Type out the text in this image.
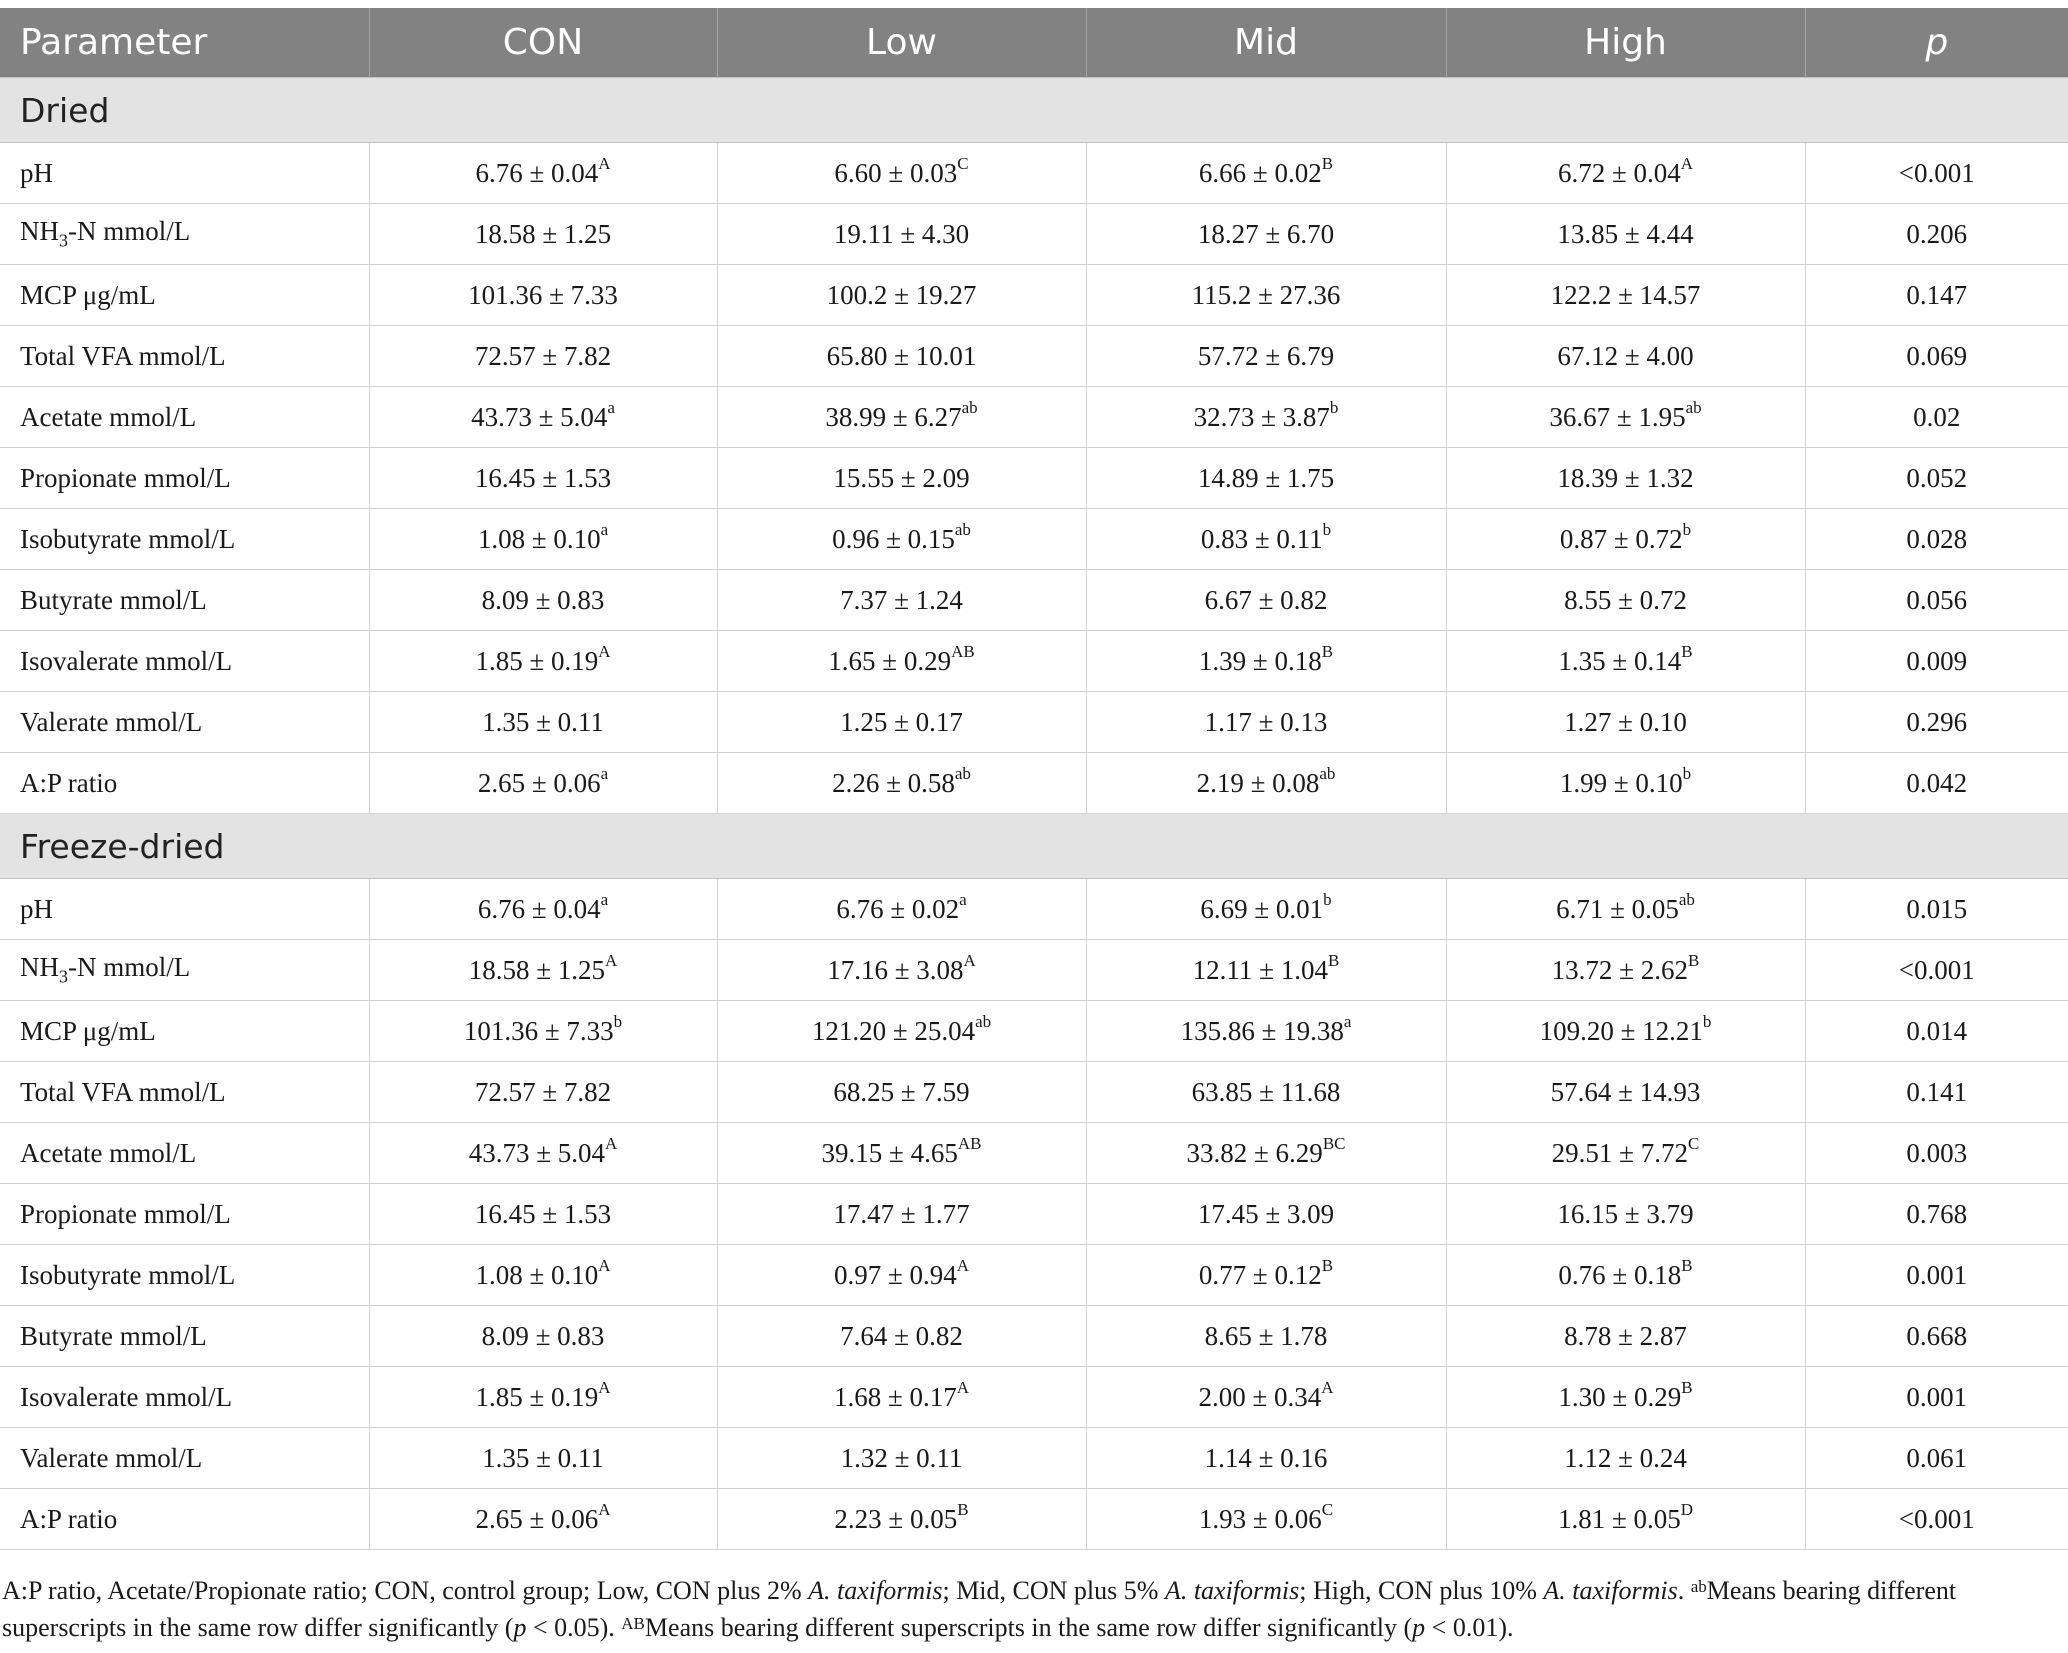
Parameter	CON	Low	Mid	High	p
Dried					
pH	$6.76 \pm 0.04^A$	$6.60 \pm 0.03^C$	$6.66 \pm 0.02^B$	$6.72 \pm 0.04^A$	<0.001
$NH_3-N$ mmol/L	18.58 ± 1.25	19.11 ± 4.30	18.27 ± 6.70	13.85 ± 4.44	0.206
MCP μg/mL	101.36 ± 7.33	100.2 ± 19.27	115.2 ± 27.36	122.2 ± 14.57	0.147
Total VFA mmol/L	72.57 ± 7.82	65.80 ± 10.01	57.72 ± 6.79	67.12 ± 4.00	0.069
Acetate mmol/L	43.73 ± 5.04$^a$	38.99 ± 6.27$^{ab}$	32.73 ± 3.87$^b$	36.67 ± 1.95$^{ab}$	0.02
Propionate mmol/L	16.45 ± 1.53	15.55 ± 2.09	14.89 ± 1.75	18.39 ± 1.32	0.052
Isobutyrate mmol/L	1.08 ± 0.10$^a$	0.96 ± 0.15$^{ab}$	0.83 ± 0.11$^b$	0.87 ± 0.72$^b$	0.028
Butyrate mmol/L	8.09 ± 0.83	7.37 ± 1.24	6.67 ± 0.82	8.55 ± 0.72	0.056
Isovalerate mmol/L	$1.85 \pm 0.19^A$	$1.65 \pm 0.29^{AB}$	$1.39 \pm 0.18^B$	$1.35 \pm 0.14^B$	0.009
Valerate mmol/L	1.35 ± 0.11	1.25 ± 0.17	1.17 ± 0.13	1.27 ± 0.10	0.296
A:P ratio	2.65 ± 0.06$^a$	2.26 ± 0.58$^{ab}$	2.19 ± 0.08$^{ab}$	1.99 ± 0.10$^b$	0.042
Freeze-dried					
pH	6.76 ± 0.04$^a$	6.76 ± 0.02$^a$	6.69 ± 0.01$^b$	6.71 ± 0.05$^{ab}$	0.015
$NH_3-N$ mmol/L	$18.58 \pm 1.25^A$	$17.16 \pm 3.08^A$	$12.11 \pm 1.04^B$	$13.72 \pm 2.62^B$	<0.001
MCP μg/mL	101.36 ± 7.33$^b$	121.20 ± 25.04$^{ab}$	135.86 ± 19.38$^a$	109.20 ± 12.21$^b$	0.014
Total VFA mmol/L	72.57 ± 7.82	68.25 ± 7.59	63.85 ± 11.68	57.64 ± 14.93	0.141
Acetate mmol/L	$43.73 \pm 5.04^A$	$39.15 \pm 4.65^{AB}$	$33.82 \pm 6.29^{BC}$	$29.51 \pm 7.72^C$	0.003
Propionate mmol/L	16.45 ± 1.53	17.47 ± 1.77	17.45 ± 3.09	16.15 ± 3.79	0.768
Isobutyrate mmol/L	$1.08 \pm 0.10^A$	$0.97 \pm 0.94^A$	$0.77 \pm 0.12^B$	$0.76 \pm 0.18^B$	0.001
Butyrate mmol/L	8.09 ± 0.83	7.64 ± 0.82	8.65 ± 1.78	8.78 ± 2.87	0.668
Isovalerate mmol/L	$1.85 \pm 0.19^A$	$1.68 \pm 0.17^A$	$2.00 \pm 0.34^A$	$1.30 \pm 0.29^B$	0.001
Valerate mmol/L	1.35 ± 0.11	1.32 ± 0.11	1.14 ± 0.16	1.12 ± 0.24	0.061
A:P ratio	$2.65 \pm 0.06^A$	$2.23 \pm 0.05^B$	$1.93 \pm 0.06^C$	$1.81 \pm 0.05^D$	<0.001
A:P ratio, Acetate/Propionate ratio; CON, control group; Low, CON plus 2% A. taxiformis; Mid, CON plus 5% A. taxiformis; High, CON plus 10% A. taxiformis. $^{ab}$Means bearing different superscripts in the same row differ significantly (p < 0.05). $^{AB}$Means bearing different superscripts in the same row differ significantly (p < 0.01).
